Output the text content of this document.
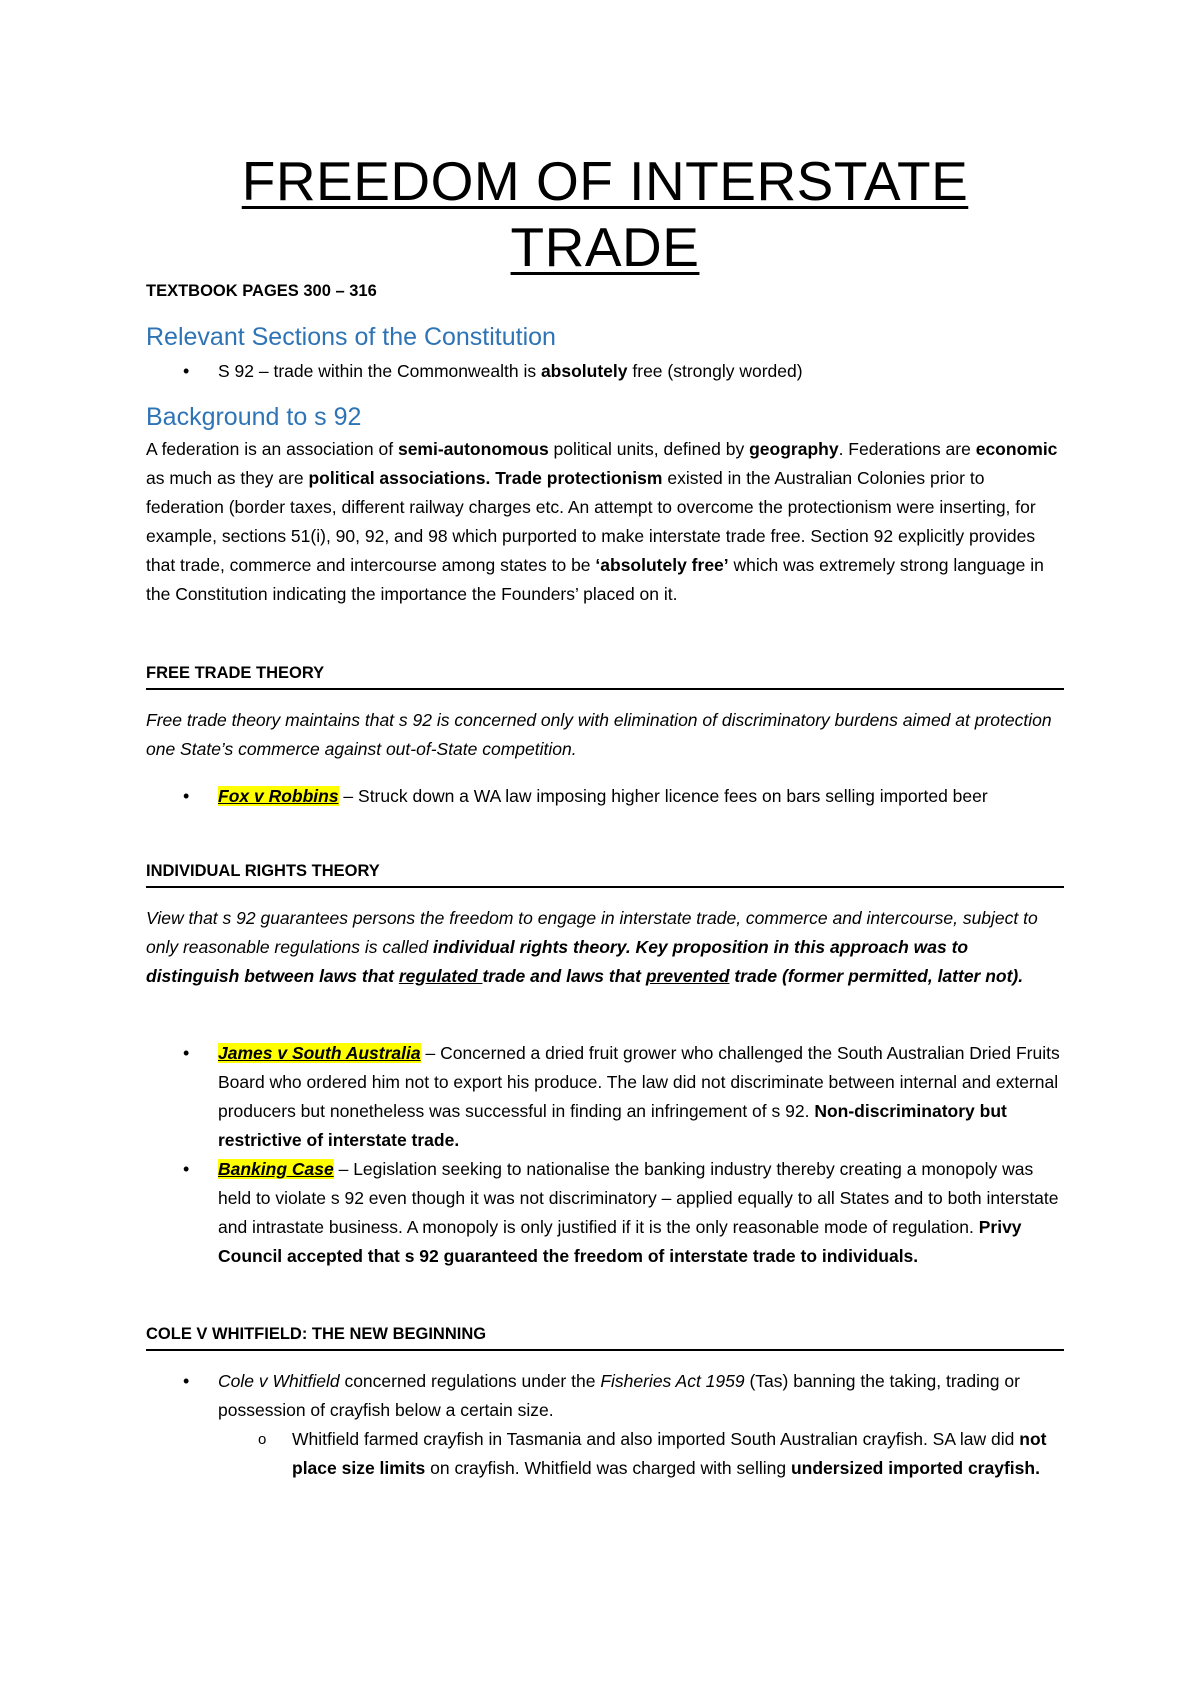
FREEDOM OF INTERSTATE
TRADE
TEXTBOOK PAGES 300 – 316
Relevant Sections of the Constitution
• S 92 – trade within the Commonwealth is absolutely free (strongly worded)
Background to s 92

A federation is an association of semi-autonomous political units, defined by geography. Federations are economic as much as they are political associations. Trade protectionism existed in the Australian Colonies prior to federation (border taxes, different railway charges etc. An attempt to overcome the protectionism were inserting, for example, sections 51(i), 90, 92, and 98 which purported to make interstate trade free. Section 92 explicitly provides that trade, commerce and intercourse among states to be ‘absolutely free’ which was extremely strong language in the Constitution indicating the importance the Founders’ placed on it.

FREE TRADE THEORY

Free trade theory maintains that s 92 is concerned only with elimination of discriminatory burdens aimed at protection one State’s commerce against out-of-State competition.

• Fox v Robbins – Struck down a WA law imposing higher licence fees on bars selling imported beer
INDIVIDUAL RIGHTS THEORY

View that s 92 guarantees persons the freedom to engage in interstate trade, commerce and intercourse, subject to only reasonable regulations is called individual rights theory. Key proposition in this approach was to distinguish between laws that regulated trade and laws that prevented trade (former permitted, latter not).

• James v South Australia – Concerned a dried fruit grower who challenged the South Australian Dried Fruits Board who ordered him not to export his produce. The law did not discriminate between internal and external producers but nonetheless was successful in finding an infringement of s 92. Non-discriminatory but restrictive of interstate trade.
• Banking Case – Legislation seeking to nationalise the banking industry thereby creating a monopoly was held to violate s 92 even though it was not discriminatory – applied equally to all States and to both interstate and intrastate business. A monopoly is only justified if it is the only reasonable mode of regulation. Privy Council accepted that s 92 guaranteed the freedom of interstate trade to individuals.
COLE V WHITFIELD: THE NEW BEGINNING
• Cole v Whitfield concerned regulations under the Fisheries Act 1959 (Tas) banning the taking, trading or possession of crayfish below a certain size.
o Whitfield farmed crayfish in Tasmania and also imported South Australian crayfish. SA law did not place size limits on crayfish. Whitfield was charged with selling undersized imported crayfish.
